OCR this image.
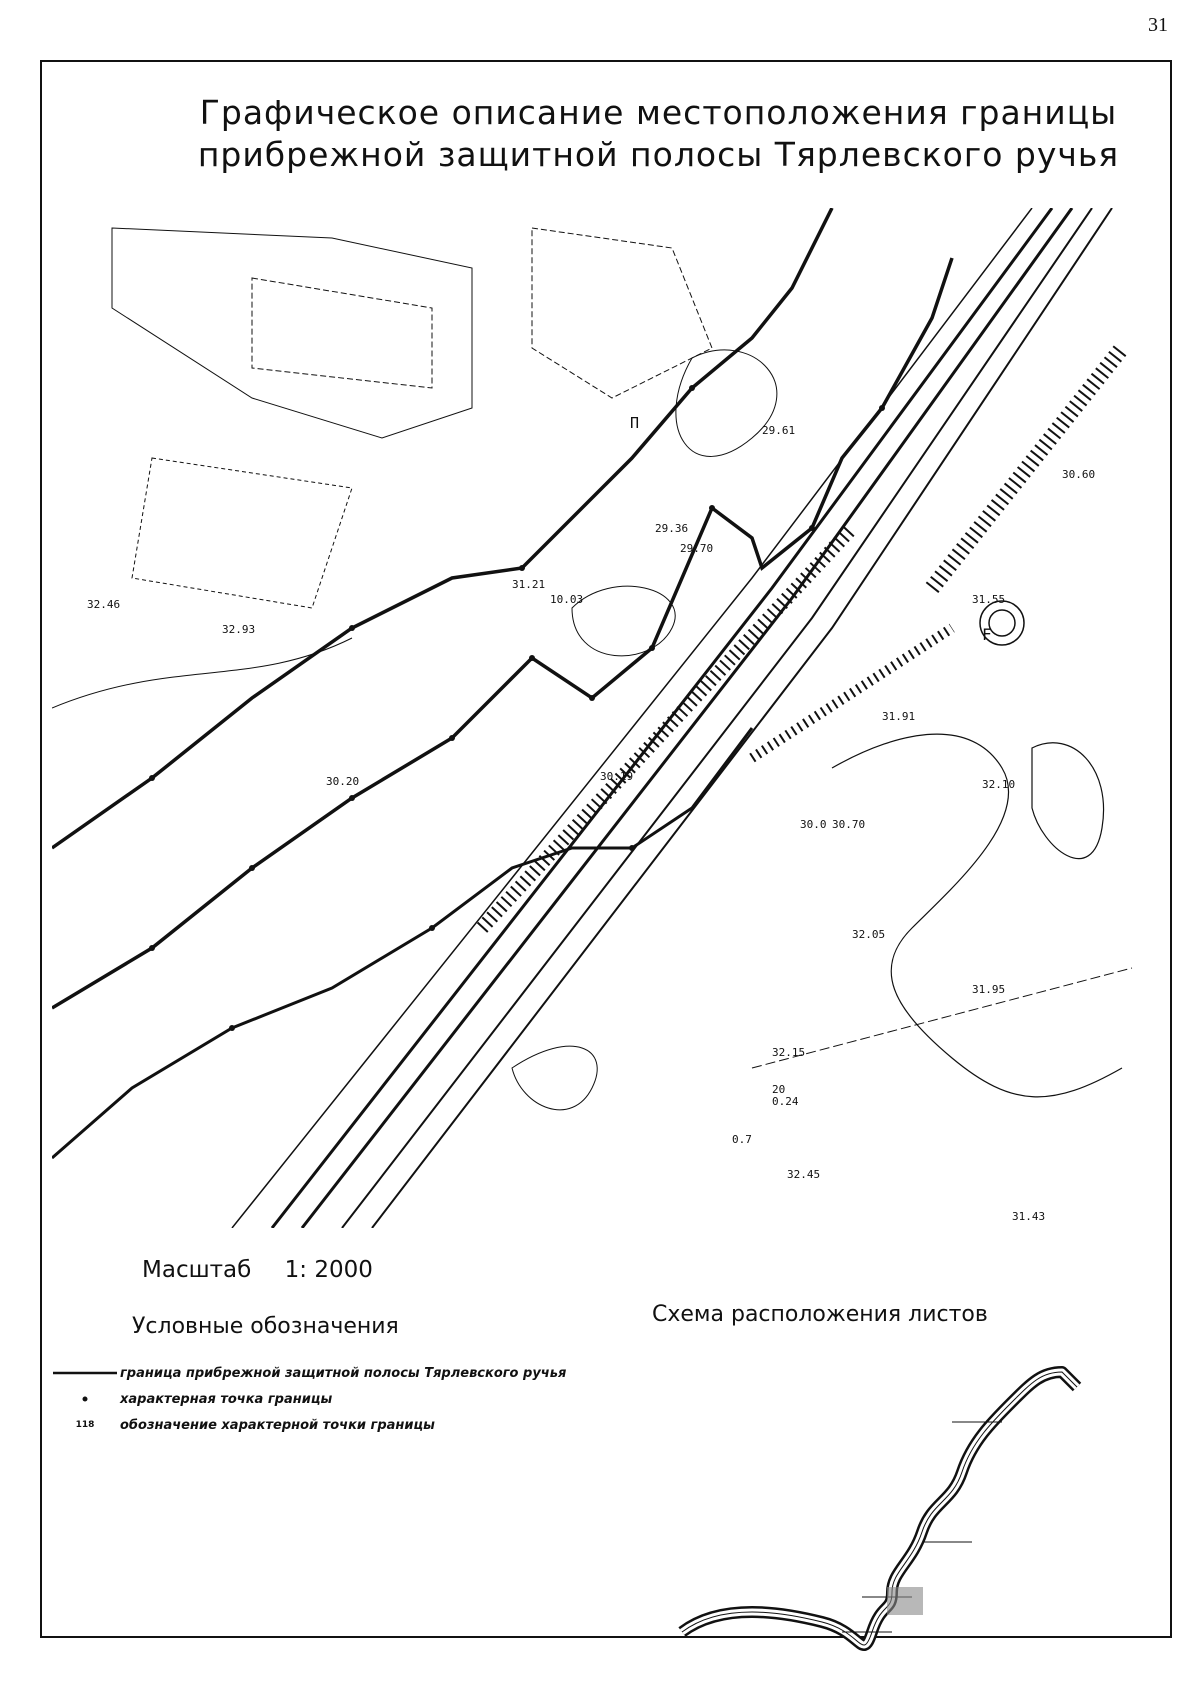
31
Графическое описание местоположения границы
прибрежной защитной полосы Тярлевского ручья
10.03
29.36
29.70
30.60
31.55
32.10
32.05
31.95
32.15
32.45
31.43
30.19
30.20
32.93
32.46
30.70
31.91
29.61
30.0
20
0.24
0.7
31.21
П
F
Масштаб 1: 2000
Условные обозначения
граница прибрежной защитной полосы Тярлевского ручья
характерная точка границы
118 обозначение характерной точки границы
Схема расположения листов
